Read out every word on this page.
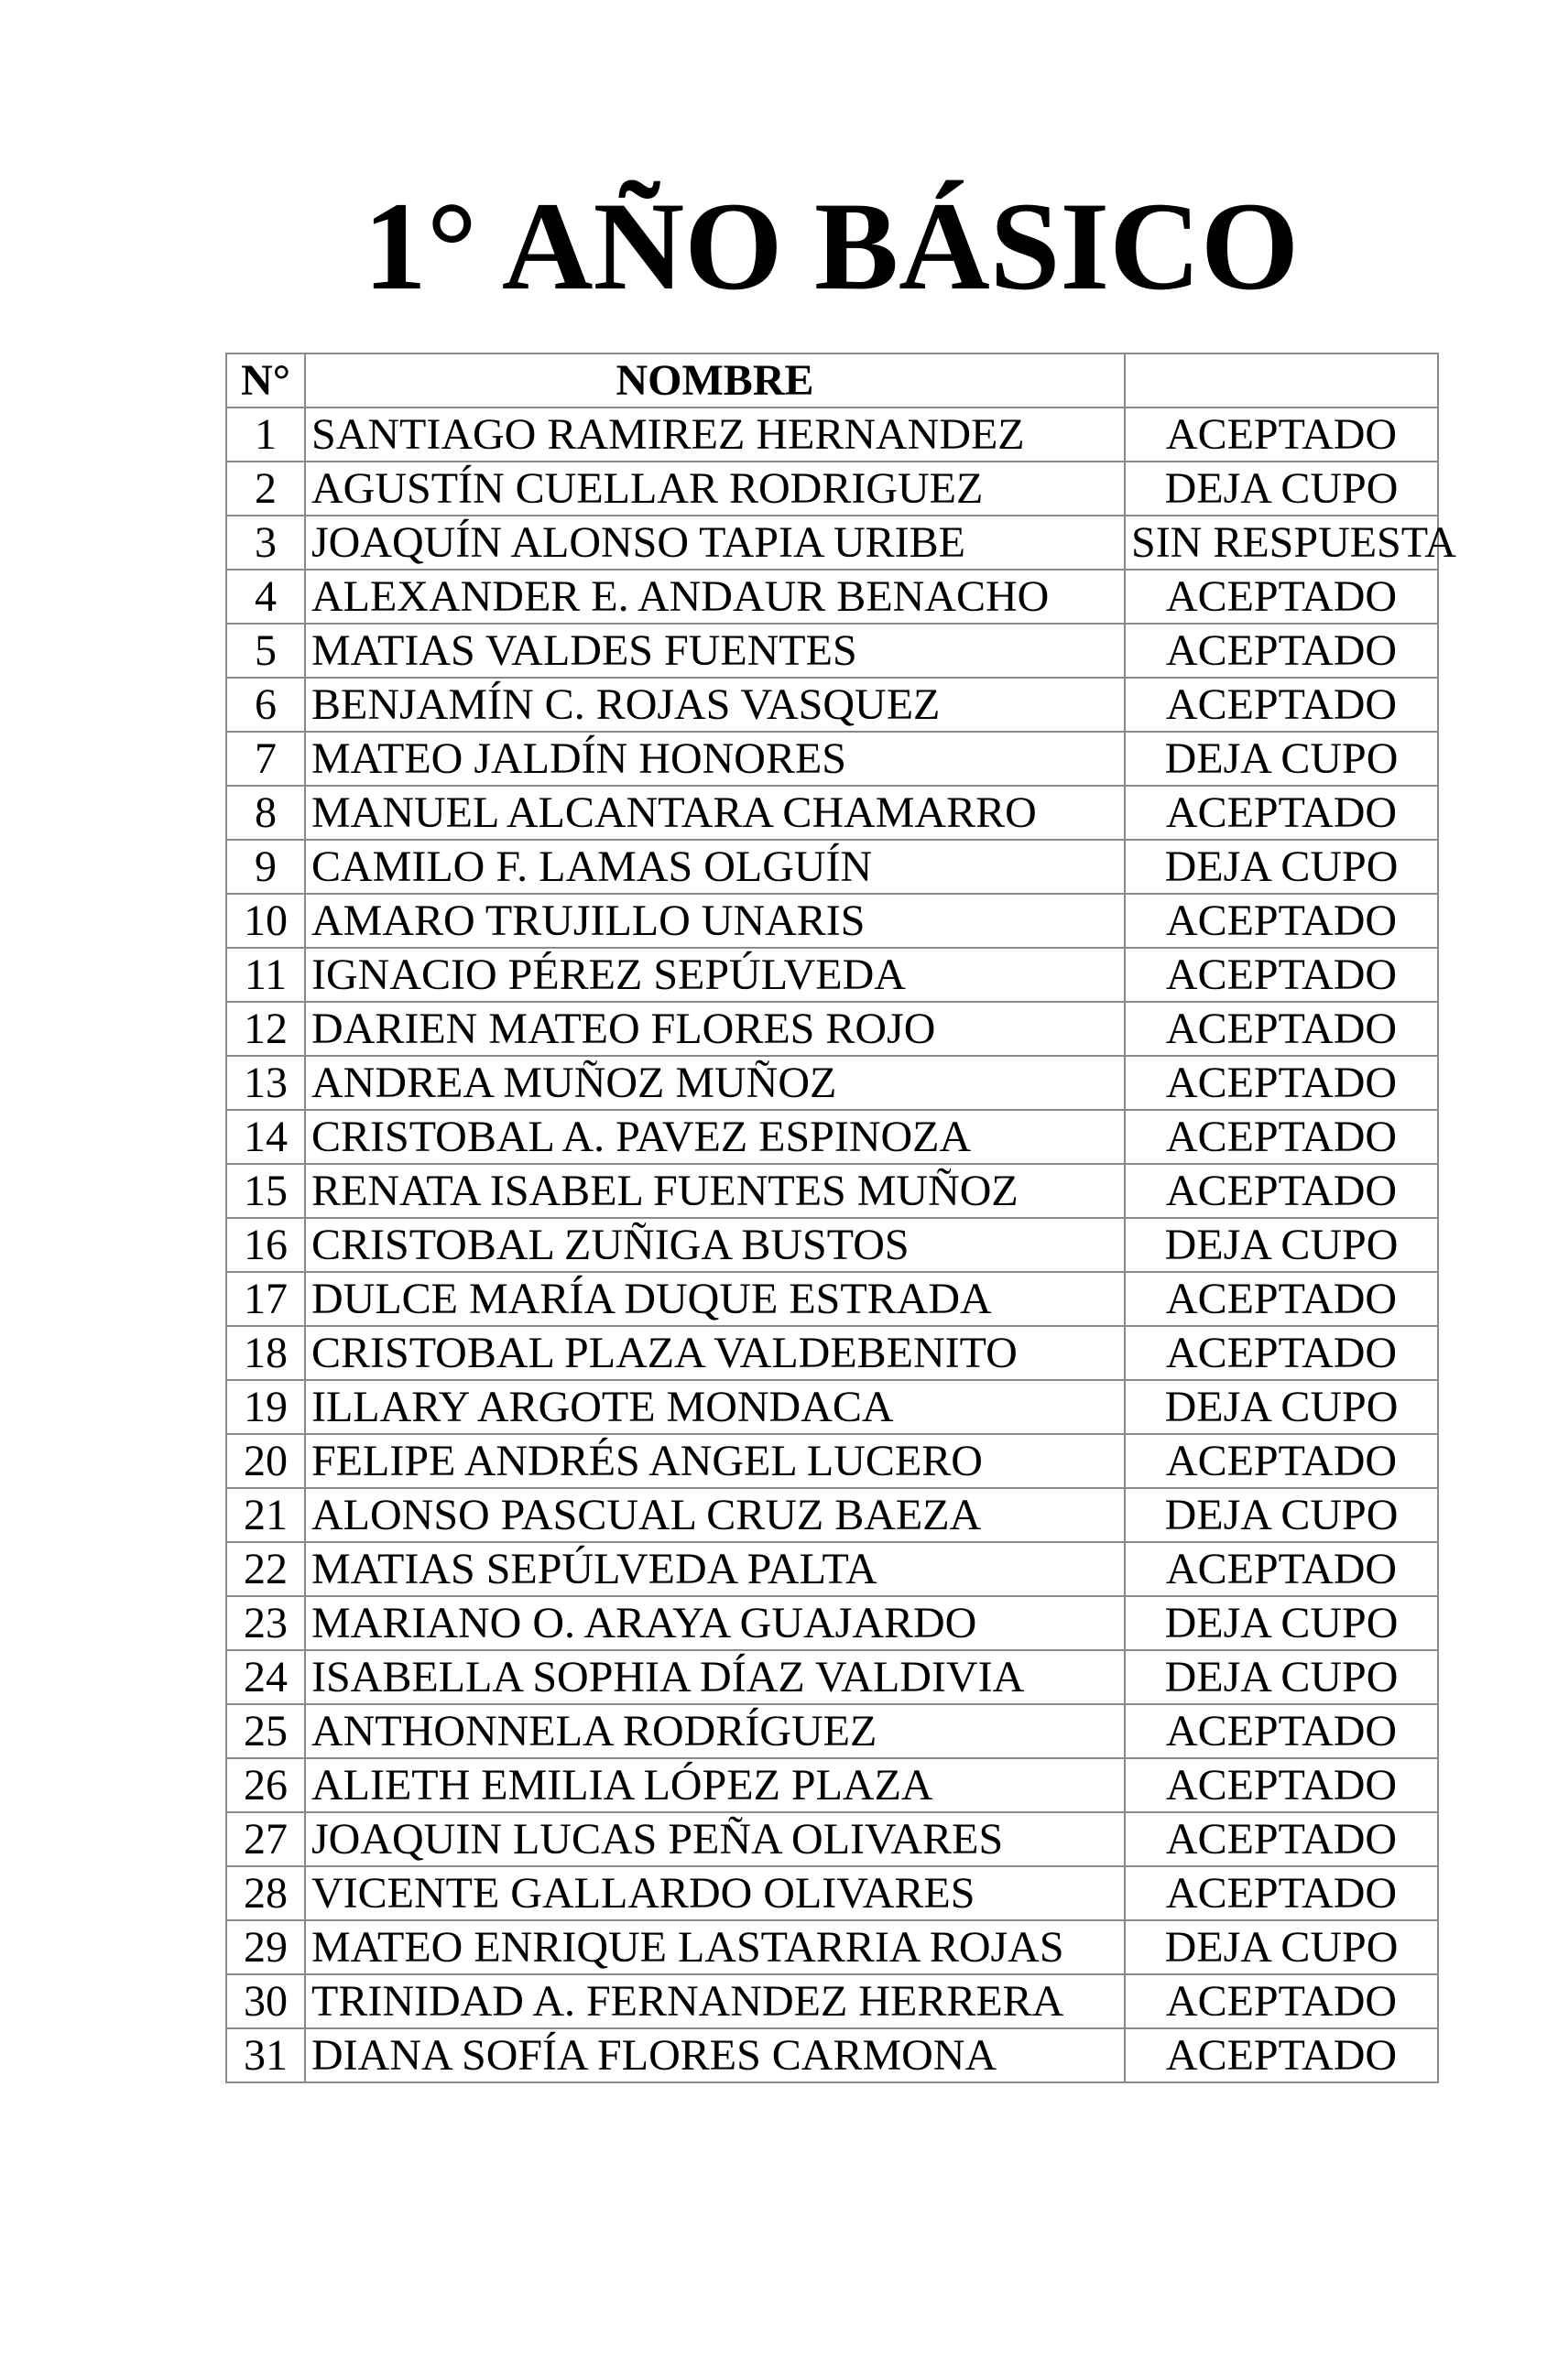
1° AÑO BÁSICO
N°	NOMBRE	
1	SANTIAGO RAMIREZ HERNANDEZ	ACEPTADO
2	AGUSTÍN CUELLAR RODRIGUEZ	DEJA CUPO
3	JOAQUÍN ALONSO TAPIA URIBE	SIN RESPUESTA
4	ALEXANDER E. ANDAUR BENACHO	ACEPTADO
5	MATIAS VALDES FUENTES	ACEPTADO
6	BENJAMÍN C. ROJAS VASQUEZ	ACEPTADO
7	MATEO JALDÍN HONORES	DEJA CUPO
8	MANUEL ALCANTARA CHAMARRO	ACEPTADO
9	CAMILO F. LAMAS OLGUÍN	DEJA CUPO
10	AMARO TRUJILLO UNARIS	ACEPTADO
11	IGNACIO PÉREZ SEPÚLVEDA	ACEPTADO
12	DARIEN MATEO FLORES ROJO	ACEPTADO
13	ANDREA MUÑOZ MUÑOZ	ACEPTADO
14	CRISTOBAL A. PAVEZ ESPINOZA	ACEPTADO
15	RENATA ISABEL FUENTES MUÑOZ	ACEPTADO
16	CRISTOBAL ZUÑIGA BUSTOS	DEJA CUPO
17	DULCE MARÍA DUQUE ESTRADA	ACEPTADO
18	CRISTOBAL PLAZA VALDEBENITO	ACEPTADO
19	ILLARY ARGOTE MONDACA	DEJA CUPO
20	FELIPE ANDRÉS ANGEL LUCERO	ACEPTADO
21	ALONSO PASCUAL CRUZ BAEZA	DEJA CUPO
22	MATIAS SEPÚLVEDA PALTA	ACEPTADO
23	MARIANO O. ARAYA GUAJARDO	DEJA CUPO
24	ISABELLA SOPHIA DÍAZ VALDIVIA	DEJA CUPO
25	ANTHONNELA RODRÍGUEZ	ACEPTADO
26	ALIETH EMILIA LÓPEZ PLAZA	ACEPTADO
27	JOAQUIN LUCAS PEÑA OLIVARES	ACEPTADO
28	VICENTE GALLARDO OLIVARES	ACEPTADO
29	MATEO ENRIQUE LASTARRIA ROJAS	DEJA CUPO
30	TRINIDAD A. FERNANDEZ HERRERA	ACEPTADO
31	DIANA SOFÍA FLORES CARMONA	ACEPTADO
